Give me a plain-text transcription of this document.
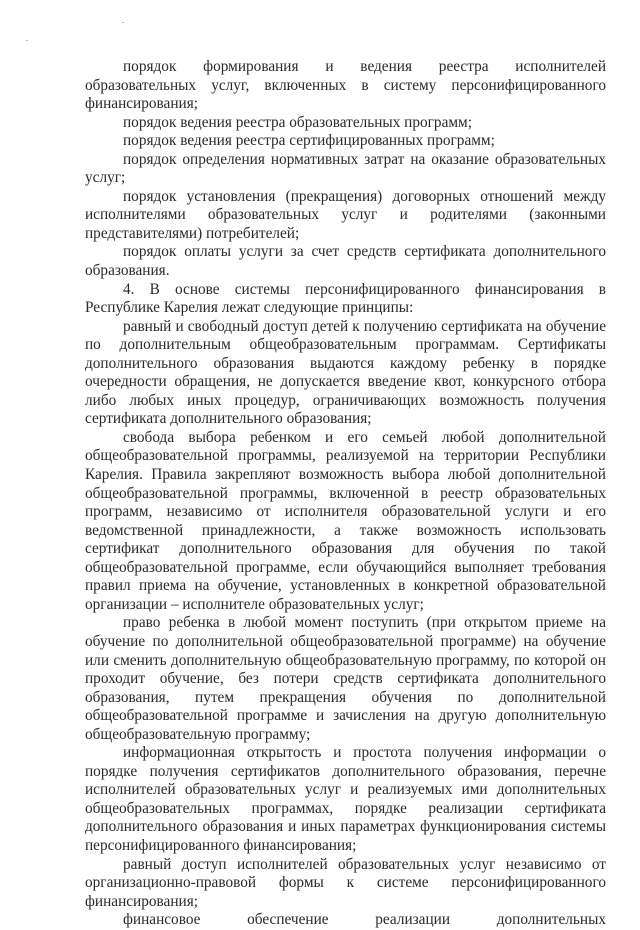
порядок формирования и ведения реестра исполнителей образовательных услуг, включенных в систему персонифицированного финансирования;

порядок ведения реестра образовательных программ;

порядок ведения реестра сертифицированных программ;

порядок определения нормативных затрат на оказание образовательных услуг;

порядок установления (прекращения) договорных отношений между исполнителями образовательных услуг и родителями (законными представителями) потребителей;

порядок оплаты услуги за счет средств сертификата дополнительного образования.

4. В основе системы персонифицированного финансирования в Республике Карелия лежат следующие принципы:

равный и свободный доступ детей к получению сертификата на обучение по дополнительным общеобразовательным программам. Сертификаты дополнительного образования выдаются каждому ребенку в порядке очередности обращения, не допускается введение квот, конкурсного отбора либо любых иных процедур, ограничивающих возможность получения сертификата дополнительного образования;

свобода выбора ребенком и его семьей любой дополнительной общеобразовательной программы, реализуемой на территории Республики Карелия. Правила закрепляют возможность выбора любой дополнительной общеобразовательной программы, включенной в реестр образовательных программ, независимо от исполнителя образовательной услуги и его ведомственной принадлежности, а также возможность использовать сертификат дополнительного образования для обучения по такой общеобразовательной программе, если обучающийся выполняет требования правил приема на обучение, установленных в конкретной образовательной организации – исполнителе образовательных услуг;

право ребенка в любой момент поступить (при открытом приеме на обучение по дополнительной общеобразовательной программе) на обучение или сменить дополнительную общеобразовательную программу, по которой он проходит обучение, без потери средств сертификата дополнительного образования, путем прекращения обучения по дополнительной общеобразовательной программе и зачисления на другую дополнительную общеобразовательную программу;

информационная открытость и простота получения информации о порядке получения сертификатов дополнительного образования, перечне исполнителей образовательных услуг и реализуемых ими дополнительных общеобразовательных программах, порядке реализации сертификата дополнительного образования и иных параметрах функционирования системы персонифицированного финансирования;

равный доступ исполнителей образовательных услуг независимо от организационно-правовой формы к системе персонифицированного финансирования;

финансовое обеспечение реализации дополнительных
